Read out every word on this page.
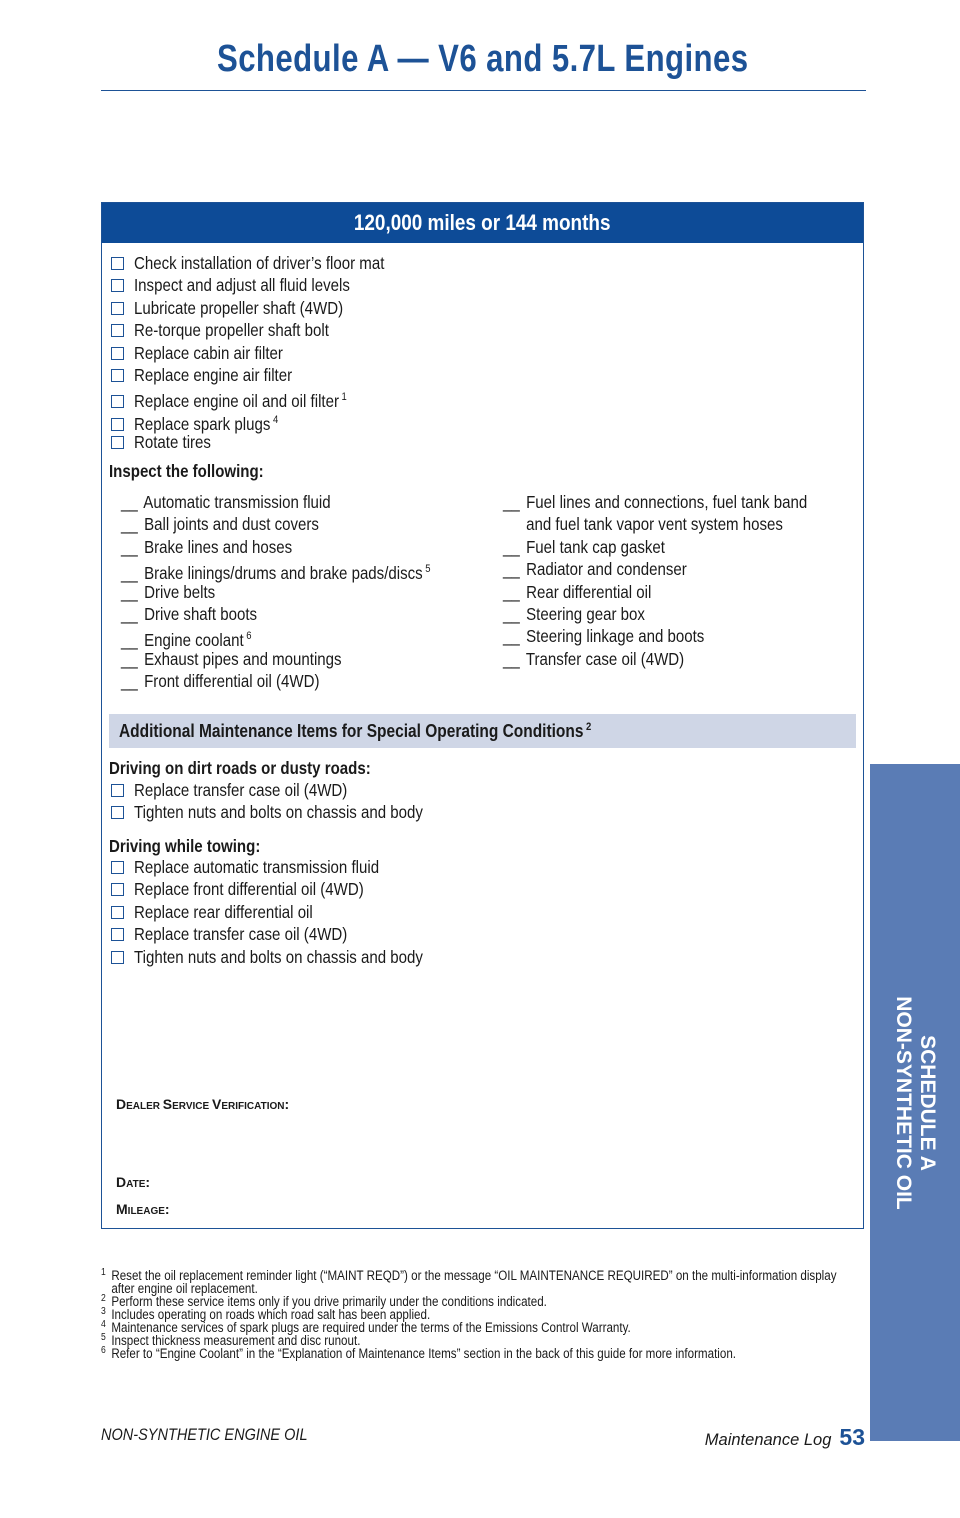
Schedule A — V6 and 5.7L Engines
120,000 miles or 144 months
Check installation of driver’s floor mat
Inspect and adjust all fluid levels
Lubricate propeller shaft (4WD)
Re-torque propeller shaft bolt
Replace cabin air filter
Replace engine air filter
Replace engine oil and oil filter $^1$
Replace spark plugs $^4$
Rotate tires
Inspect the following:
__ Automatic transmission fluid
__ Ball joints and dust covers
__ Brake lines and hoses
__ Brake linings/drums and brake pads/discs $^5$
__ Drive belts
__ Drive shaft boots
__ Engine coolant $^6$
__ Exhaust pipes and mountings
__ Front differential oil (4WD)
__ Fuel lines and connections, fuel tank band
and fuel tank vapor vent system hoses
__ Fuel tank cap gasket
__ Radiator and condenser
__ Rear differential oil
__ Steering gear box
__ Steering linkage and boots
__ Transfer case oil (4WD)
Additional Maintenance Items for Special Operating Conditions $^2$
Driving on dirt roads or dusty roads:
Replace transfer case oil (4WD)
Tighten nuts and bolts on chassis and body
Driving while towing:
Replace automatic transmission fluid
Replace front differential oil (4WD)
Replace rear differential oil
Replace transfer case oil (4WD)
Tighten nuts and bolts on chassis and body
DEALER SERVICE VERIFICATION:
DATE:
MILEAGE:
SCHEDULE A
NON-SYNTHETIC OIL
1 Reset the oil replacement reminder light (“MAINT REQD”) or the message “OIL MAINTENANCE REQUIRED” on the multi-information display after engine oil replacement.
2 Perform these service items only if you drive primarily under the conditions indicated.
3 Includes operating on roads which road salt has been applied.
4 Maintenance services of spark plugs are required under the terms of the Emissions Control Warranty.
5 Inspect thickness measurement and disc runout.
6 Refer to “Engine Coolant” in the “Explanation of Maintenance Items” section in the back of this guide for more information.
NON-SYNTHETIC ENGINE OIL	Maintenance Log 53
